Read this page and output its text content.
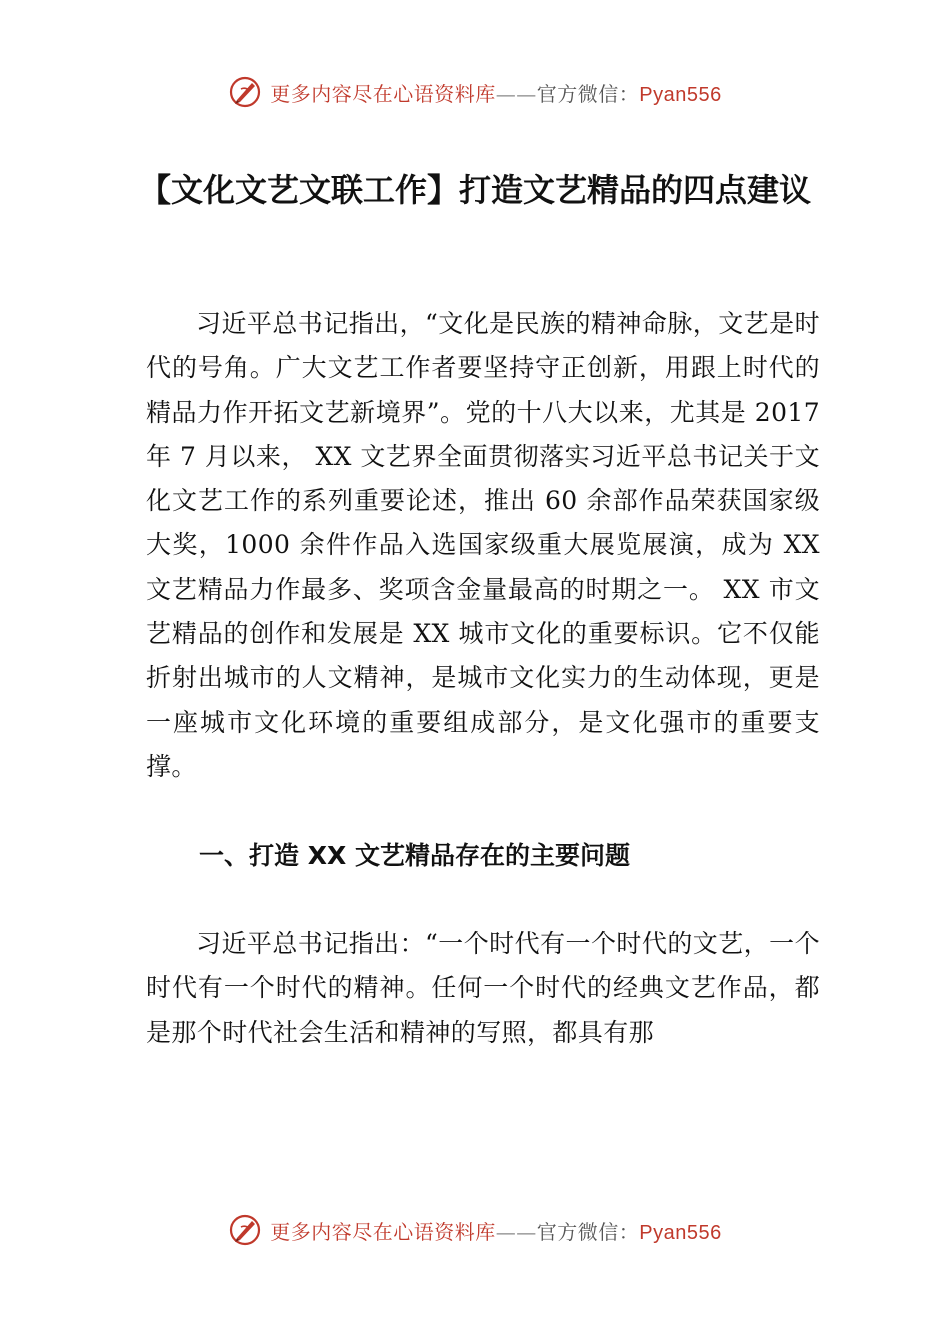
更多内容尽在心语资料库——官方微信：Pyan556
【文化文艺文联工作】打造文艺精品的四点建议

习近平总书记指出，“文化是民族的精神命脉，文艺是时代的号角。广大文艺工作者要坚持守正创新，用跟上时代的精品力作开拓文艺新境界”。党的十八大以来，尤其是 2017 年 7 月以来， XX 文艺界全面贯彻落实习近平总书记关于文化文艺工作的系列重要论述，推出 60 余部作品荣获国家级大奖，1000 余件作品入选国家级重大展览展演，成为 XX 文艺精品力作最多、奖项含金量最高的时期之一。 XX 市文艺精品的创作和发展是 XX 城市文化的重要标识。它不仅能折射出城市的人文精神，是城市文化实力的生动体现，更是一座城市文化环境的重要组成部分，是文化强市的重要支撑。

一、打造 XX 文艺精品存在的主要问题

习近平总书记指出：“一个时代有一个时代的文艺，一个时代有一个时代的精神。任何一个时代的经典文艺作品，都是那个时代社会生活和精神的写照，都具有那

更多内容尽在心语资料库——官方微信：Pyan556
